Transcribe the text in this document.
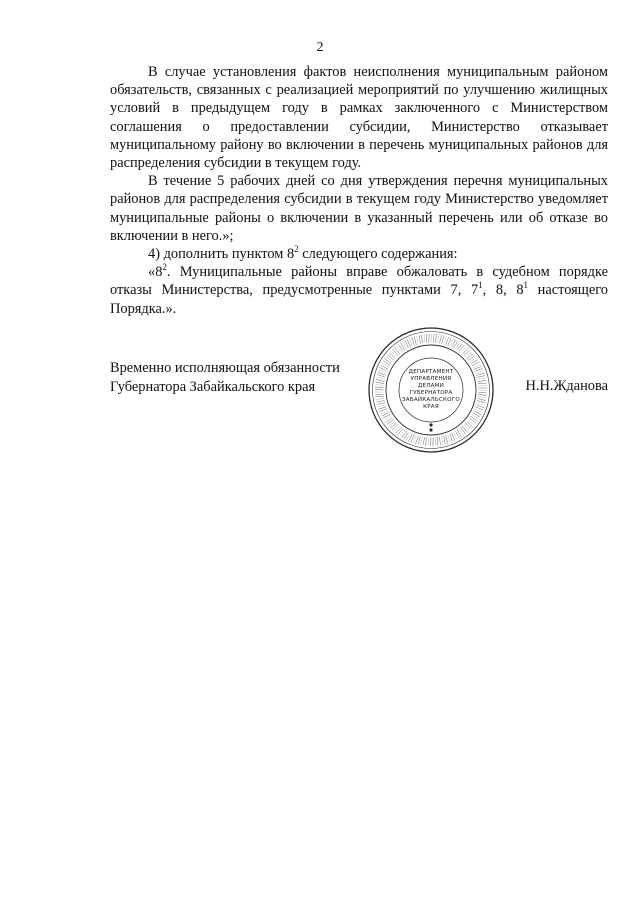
2

В случае установления фактов неисполнения муниципальным районом обязательств, связанных с реализацией мероприятий по улучшению жилищных условий в предыдущем году в рамках заключенного с Министерством соглашения о предоставлении субсидии, Министерство отказывает муниципальному району во включении в перечень муниципальных районов для распределения субсидии в текущем году.

В течение 5 рабочих дней со дня утверждения перечня муниципальных районов для распределения субсидии в текущем году Министерство уведомляет муниципальные районы о включении в указанный перечень или об отказе во включении в него.»;

4) дополнить пунктом $8^2$ следующего содержания:

«$8^2$. Муниципальные районы вправе обжаловать в судебном порядке отказы Министерства, предусмотренные пунктами 7, $7^1$, 8, $8^1$ настоящего Порядка.».

Временно исполняющая обязанности
Губернатора Забайкальского края
ДЕПАРТАМЕНТ
УПРАВЛЕНИЯ
ДЕЛАМИ
ГУБЕРНАТОРА
ЗАБАЙКАЛЬСКОГО
КРАЯ
Н.Н.Жданова
